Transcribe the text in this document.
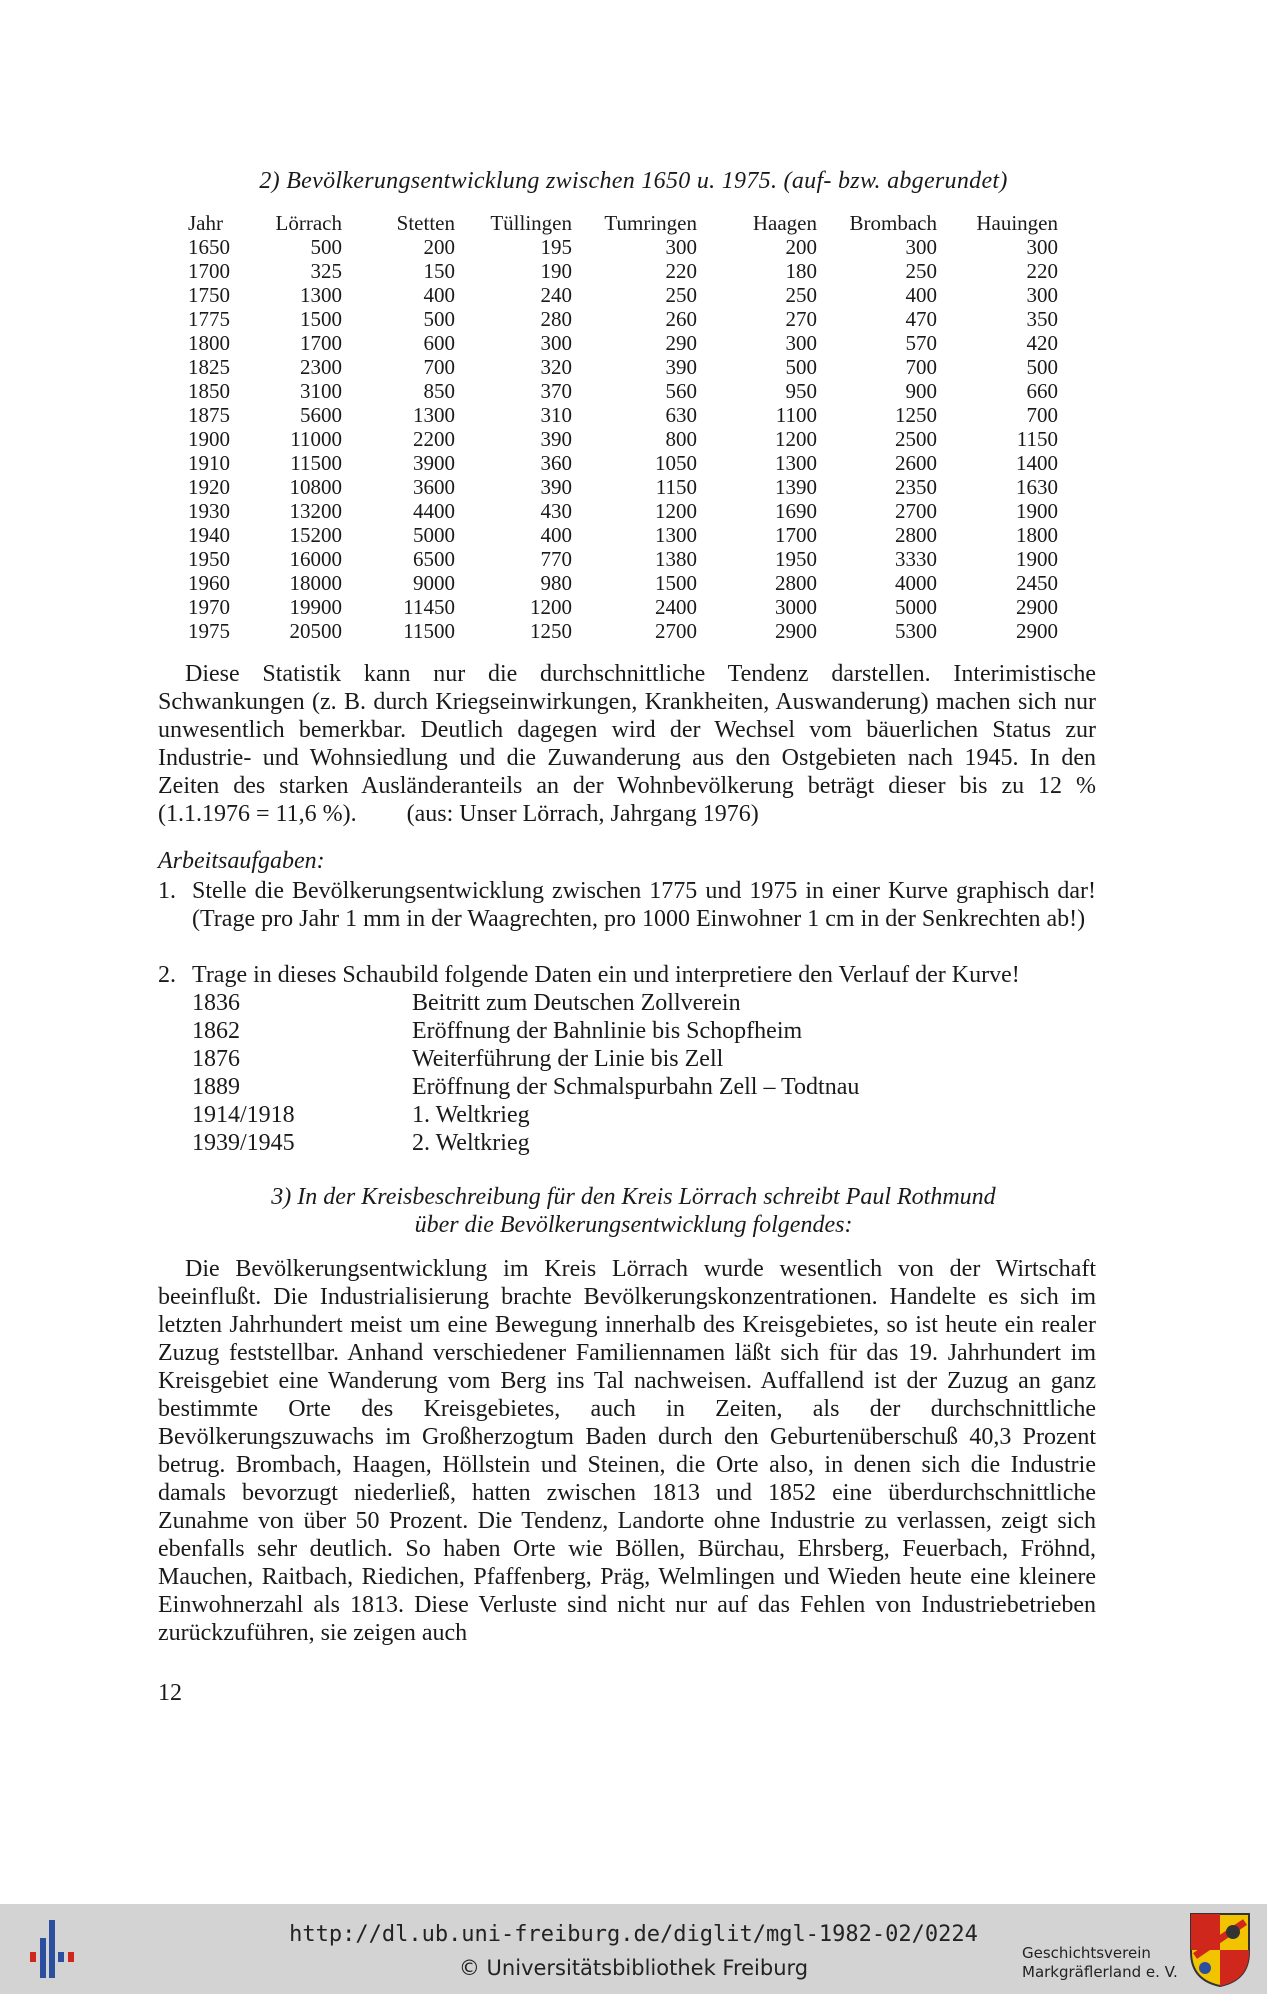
2) Bevölkerungsentwicklung zwischen 1650 u. 1975. (auf- bzw. abgerundet)
Jahr	Lörrach	Stetten	Tüllingen	Tumringen	Haagen	Brombach	Hauingen
1650	500	200	195	300	200	300	300
1700	325	150	190	220	180	250	220
1750	1300	400	240	250	250	400	300
1775	1500	500	280	260	270	470	350
1800	1700	600	300	290	300	570	420
1825	2300	700	320	390	500	700	500
1850	3100	850	370	560	950	900	660
1875	5600	1300	310	630	1100	1250	700
1900	11000	2200	390	800	1200	2500	1150
1910	11500	3900	360	1050	1300	2600	1400
1920	10800	3600	390	1150	1390	2350	1630
1930	13200	4400	430	1200	1690	2700	1900
1940	15200	5000	400	1300	1700	2800	1800
1950	16000	6500	770	1380	1950	3330	1900
1960	18000	9000	980	1500	2800	4000	2450
1970	19900	11450	1200	2400	3000	5000	2900
1975	20500	11500	1250	2700	2900	5300	2900
Diese Statistik kann nur die durchschnittliche Tendenz darstellen. Interimistische Schwankungen (z. B. durch Kriegseinwirkungen, Krankheiten, Auswanderung) machen sich nur unwesentlich bemerkbar. Deutlich dagegen wird der Wechsel vom bäuerlichen Status zur Industrie- und Wohnsiedlung und die Zuwanderung aus den Ostgebieten nach 1945. In den Zeiten des starken Ausländeranteils an der Wohnbevölkerung beträgt dieser bis zu 12 % (1.1.1976 = 11,6 %). (aus: Unser Lörrach, Jahrgang 1976)
Arbeitsaufgaben:
1. Stelle die Bevölkerungsentwicklung zwischen 1775 und 1975 in einer Kurve graphisch dar! (Trage pro Jahr 1 mm in der Waagrechten, pro 1000 Einwohner 1 cm in der Senkrechten ab!)
2. Trage in dieses Schaubild folgende Daten ein und interpretiere den Verlauf der Kurve!
1836	Beitritt zum Deutschen Zollverein
1862	Eröffnung der Bahnlinie bis Schopfheim
1876	Weiterführung der Linie bis Zell
1889	Eröffnung der Schmalspurbahn Zell – Todtnau
1914/1918	1. Weltkrieg
1939/1945	2. Weltkrieg
3) In der Kreisbeschreibung für den Kreis Lörrach schreibt Paul Rothmund
über die Bevölkerungsentwicklung folgendes:
Die Bevölkerungsentwicklung im Kreis Lörrach wurde wesentlich von der Wirtschaft beeinflußt. Die Industrialisierung brachte Bevölkerungskonzentrationen. Handelte es sich im letzten Jahrhundert meist um eine Bewegung innerhalb des Kreisgebietes, so ist heute ein realer Zuzug feststellbar. Anhand verschiedener Familiennamen läßt sich für das 19. Jahrhundert im Kreisgebiet eine Wanderung vom Berg ins Tal nachweisen. Auffallend ist der Zuzug an ganz bestimmte Orte des Kreisgebietes, auch in Zeiten, als der durchschnittliche Bevölkerungszuwachs im Großherzogtum Baden durch den Geburtenüberschuß 40,3 Prozent betrug. Brombach, Haagen, Höllstein und Steinen, die Orte also, in denen sich die Industrie damals bevorzugt niederließ, hatten zwischen 1813 und 1852 eine überdurchschnittliche Zunahme von über 50 Prozent. Die Tendenz, Landorte ohne Industrie zu verlassen, zeigt sich ebenfalls sehr deutlich. So haben Orte wie Böllen, Bürchau, Ehrsberg, Feuerbach, Fröhnd, Mauchen, Raitbach, Riedichen, Pfaffenberg, Präg, Welmlingen und Wieden heute eine kleinere Einwohnerzahl als 1813. Diese Verluste sind nicht nur auf das Fehlen von Industriebetrieben zurückzuführen, sie zeigen auch
12
http://dl.ub.uni-freiburg.de/diglit/mgl-1982-02/0224
© Universitätsbibliothek Freiburg
Geschichtsverein
Markgräflerland e. V.
